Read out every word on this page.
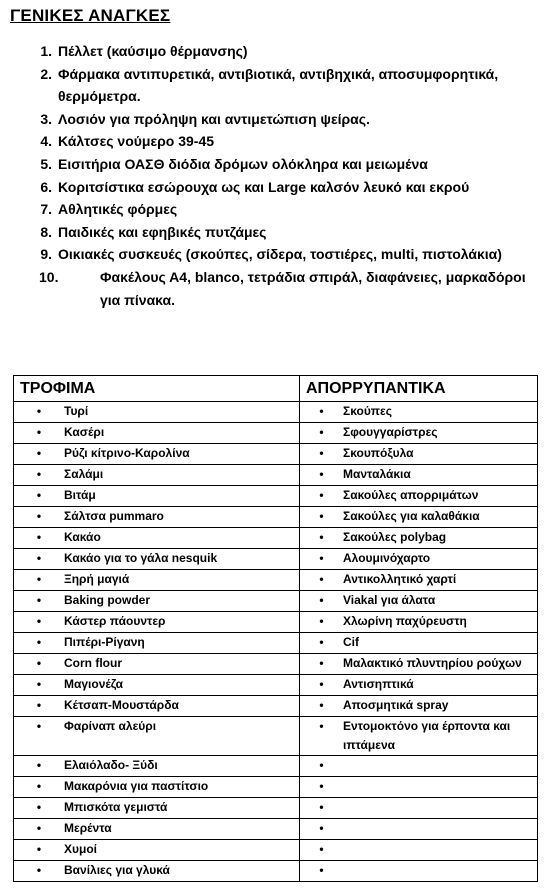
ΓΕΝΙΚΕΣ ΑΝΑΓΚΕΣ
1. Πέλλετ (καύσιμο θέρμανσης)
2. Φάρμακα αντιπυρετικά, αντιβιοτικά, αντιβηχικά, αποσυμφορητικά, θερμόμετρα.
3. Λοσιόν για πρόληψη και αντιμετώπιση ψείρας.
4. Κάλτσες νούμερο 39-45
5. Εισιτήρια ΟΑΣΘ διόδια δρόμων ολόκληρα και μειωμένα
6. Κοριτσίστικα εσώρουχα ως και Large καλσόν λευκό και εκρού
7. Αθλητικές φόρμες
8. Παιδικές και εφηβικές πυτζάμες
9. Οικιακές συσκευές (σκούπες, σίδερα, τοστιέρες, multi, πιστολάκια)
10.	Φακέλους Α4, blanco, τετράδια σπιράλ, διαφάνειες, μαρκαδόροι για πίνακα.
ΤΡΟΦΙΜΑ	ΑΠΟΡΡΥΠΑΝΤΙΚΑ

• Τυρί	• Σκούπες

• Κασέρι	• Σφουγγαρίστρες

• Ρύζι κίτρινο-Καρολίνα	• Σκουπόξυλα

• Σαλάμι	• Μανταλάκια

• Βιτάμ	• Σακούλες απορριμάτων

• Σάλτσα pummaro	• Σακούλες για καλαθάκια

• Κακάο	• Σακούλες polybag

• Κακάο για το γάλα nesquik	• Αλουμινόχαρτο

• Ξηρή μαγιά	• Αντικολλητικό χαρτί

• Baking powder	• Viakal για άλατα

• Κάστερ πάουντερ	• Χλωρίνη παχύρευστη

• Πιπέρι-Ρίγανη	• Cif

• Corn flour	• Μαλακτικό πλυντηρίου ρούχων

• Μαγιονέζα	• Αντισηπτικά

• Κέτσαπ-Μουστάρδα	• Αποσμητικά spray

• Φαρίναπ αλεύρι	• Εντομοκτόνο για έρποντα και ιπτάμενα

• Ελαιόλαδο- Ξύδι	•

• Μακαρόνια για παστίτσιο	•

• Μπισκότα γεμιστά	•

• Μερέντα	•

• Χυμοί	•

• Βανίλιες για γλυκά	•
